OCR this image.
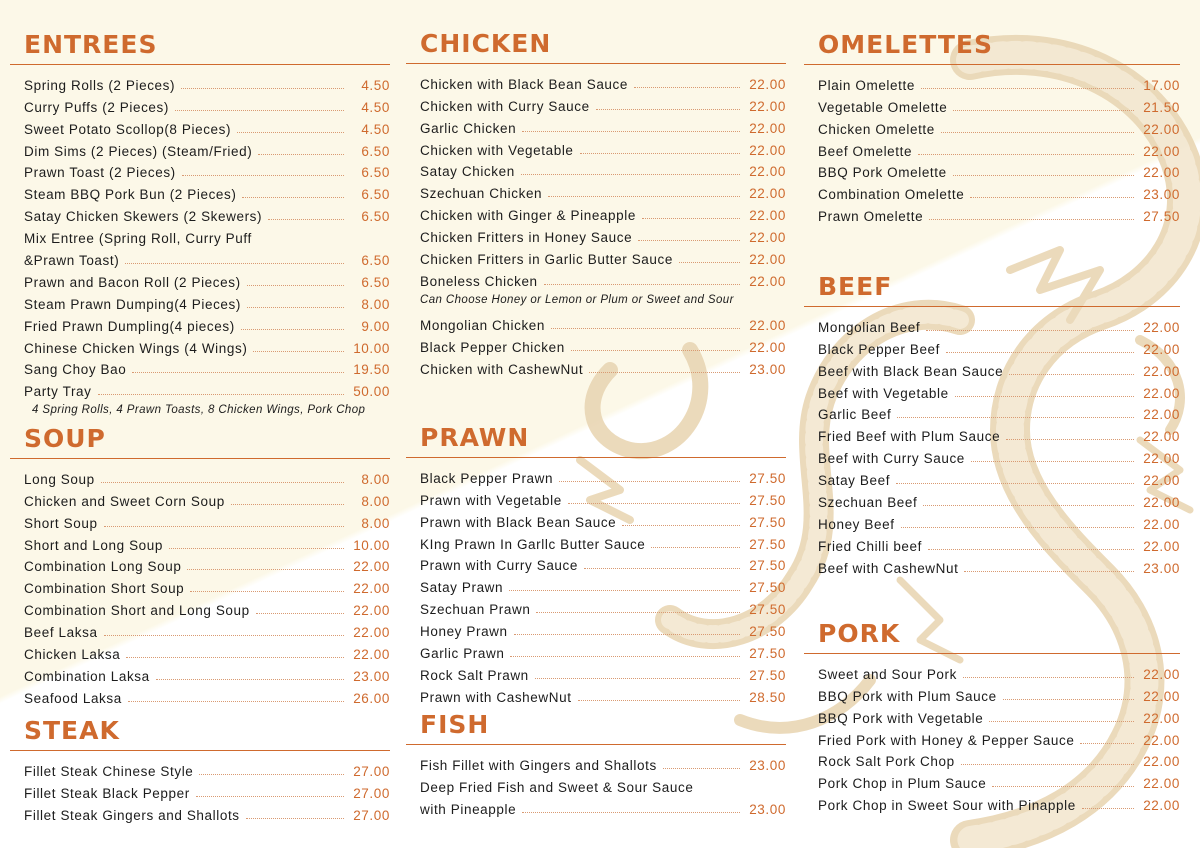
ENTREES
Spring Rolls (2 Pieces)	4.50
Curry Puffs (2 Pieces)	4.50
Sweet Potato Scollop(8 Pieces)	4.50
Dim Sims (2 Pieces) (Steam/Fried)	6.50
Prawn Toast (2 Pieces)	6.50
Steam BBQ Pork Bun (2 Pieces)	6.50
Satay Chicken Skewers (2 Skewers)	6.50
Mix Entree (Spring Roll, Curry Puff
&Prawn Toast)	6.50
Prawn and Bacon Roll (2 Pieces)	6.50
Steam Prawn Dumping(4 Pieces)	8.00
Fried Prawn Dumpling(4 pieces)	9.00
Chinese Chicken Wings (4 Wings)	10.00
Sang Choy Bao	19.50
Party Tray	50.00
4 Spring Rolls, 4 Prawn Toasts, 8 Chicken Wings, Pork Chop
SOUP
Long Soup	8.00
Chicken and Sweet Corn Soup	8.00
Short Soup	8.00
Short and Long Soup	10.00
Combination Long Soup	22.00
Combination Short Soup	22.00
Combination Short and Long Soup	22.00
Beef Laksa	22.00
Chicken Laksa	22.00
Combination Laksa	23.00
Seafood Laksa	26.00
STEAK
Fillet Steak Chinese Style	27.00
Fillet Steak Black Pepper	27.00
Fillet Steak Gingers and Shallots	27.00
CHICKEN
Chicken with Black Bean Sauce	22.00
Chicken with Curry Sauce	22.00
Garlic Chicken	22.00
Chicken with Vegetable	22.00
Satay Chicken	22.00
Szechuan Chicken	22.00
Chicken with Ginger & Pineapple	22.00
Chicken Fritters in Honey Sauce	22.00
Chicken Fritters in Garlic Butter Sauce	22.00
Boneless Chicken	22.00
Can Choose Honey or Lemon or Plum or Sweet and Sour
Mongolian Chicken	22.00
Black Pepper Chicken	22.00
Chicken with CashewNut	23.00
PRAWN
Black Pepper Prawn	27.50
Prawn with Vegetable	27.50
Prawn with Black Bean Sauce	27.50
KIng Prawn In Garllc Butter Sauce	27.50
Prawn with Curry Sauce	27.50
Satay Prawn	27.50
Szechuan Prawn	27.50
Honey Prawn	27.50
Garlic Prawn	27.50
Rock Salt Prawn	27.50
Prawn with CashewNut	28.50
FISH
Fish Fillet with Gingers and Shallots	23.00
Deep Fried Fish and Sweet & Sour Sauce
with Pineapple	23.00
OMELETTES
Plain Omelette	17.00
Vegetable Omelette	21.50
Chicken Omelette	22.00
Beef Omelette	22.00
BBQ Pork Omelette	22.00
Combination Omelette	23.00
Prawn Omelette	27.50
BEEF
Mongolian Beef	22.00
Black Pepper Beef	22.00
Beef with Black Bean Sauce	22.00
Beef with Vegetable	22.00
Garlic Beef	22.00
Fried Beef with Plum Sauce	22.00
Beef with Curry Sauce	22.00
Satay Beef	22.00
Szechuan Beef	22.00
Honey Beef	22.00
Fried Chilli beef	22.00
Beef with CashewNut	23.00
PORK
Sweet and Sour Pork	22.00
BBQ Pork with Plum Sauce	22.00
BBQ Pork with Vegetable	22.00
Fried Pork with Honey & Pepper Sauce	22.00
Rock Salt Pork Chop	22.00
Pork Chop in Plum Sauce	22.00
Pork Chop in Sweet Sour with Pinapple	22.00
